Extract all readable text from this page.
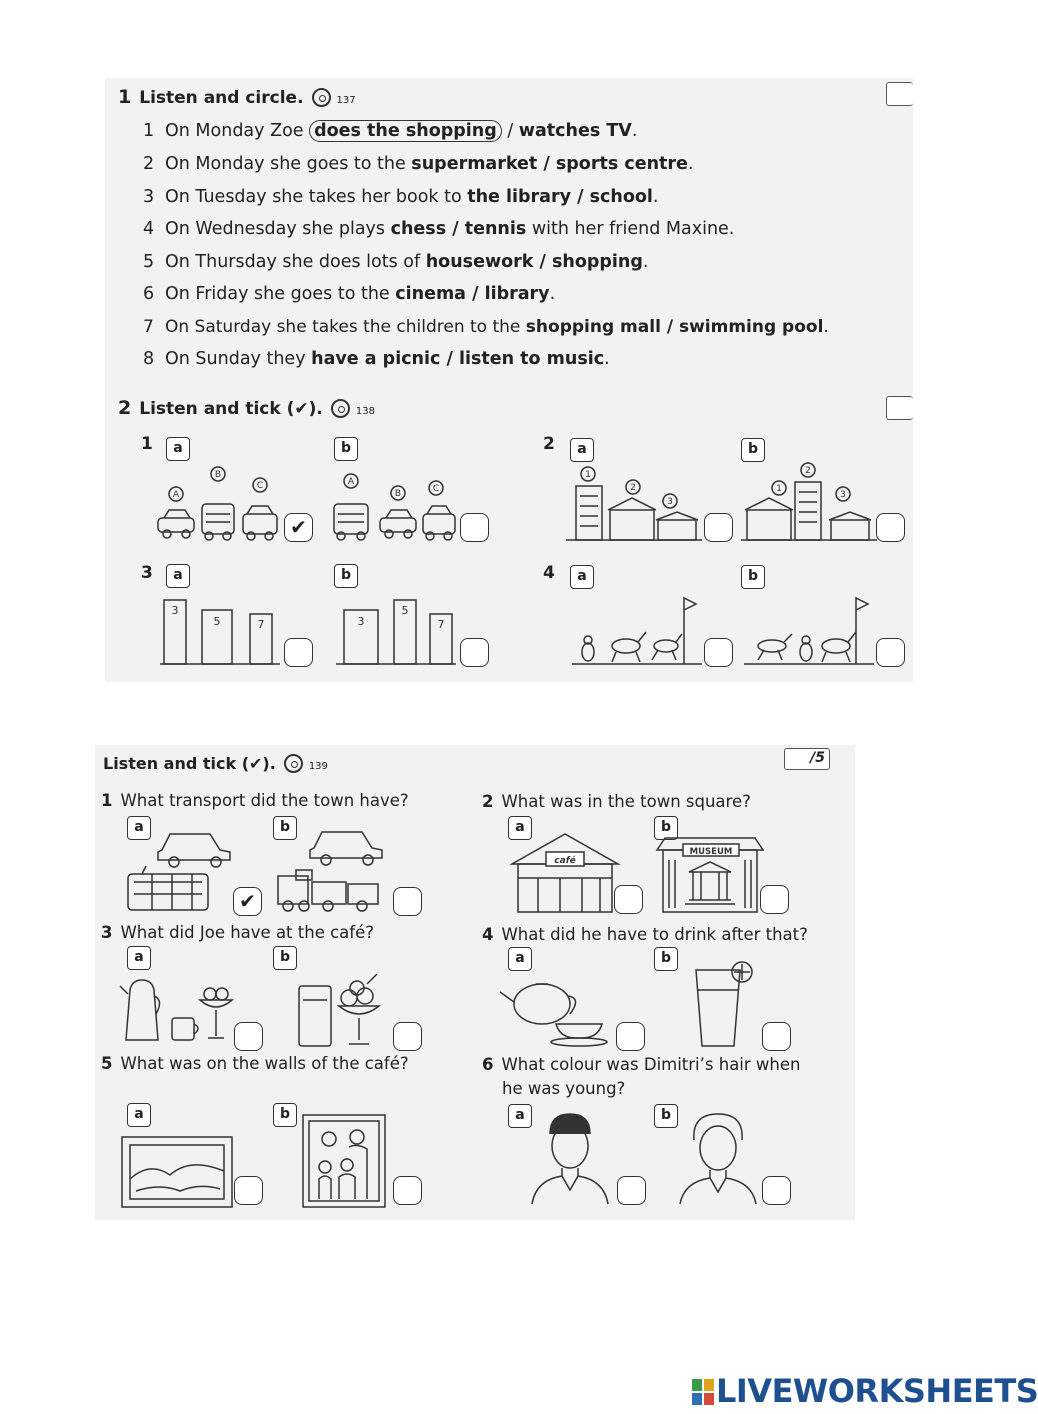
1 Listen and circle.	137
1 On Monday Zoe does the shopping / watches TV.
2 On Monday she goes to the supermarket / sports centre.
3 On Tuesday she takes her book to the library / school.
4 On Wednesday she plays chess / tennis with her friend Maxine.
5 On Thursday she does lots of housework / shopping.
6 On Friday she goes to the cinema / library.
7 On Saturday she takes the children to the shopping mall / swimming pool.
8 On Sunday they have a picnic / listen to music.
2 Listen and tick (✔).	138
1	a	b
A
B
C
✔
A
B	C
2	a	b
1
2
3
1
2
3
3	a	b
3
5	7	3
5
7
4	a	b
Listen and tick (✔).	139
/5
1 What transport did the town have?
a	b
✔
2 What was in the town square?
a	b
café
MUSEUM
3 What did Joe have at the café?
a	b
4 What did he have to drink after that?
a	b
5 What was on the walls of the café?
a	b
6 What colour was Dimitri’s hair when
he was young?
a	b
LIVEWORKSHEETS
